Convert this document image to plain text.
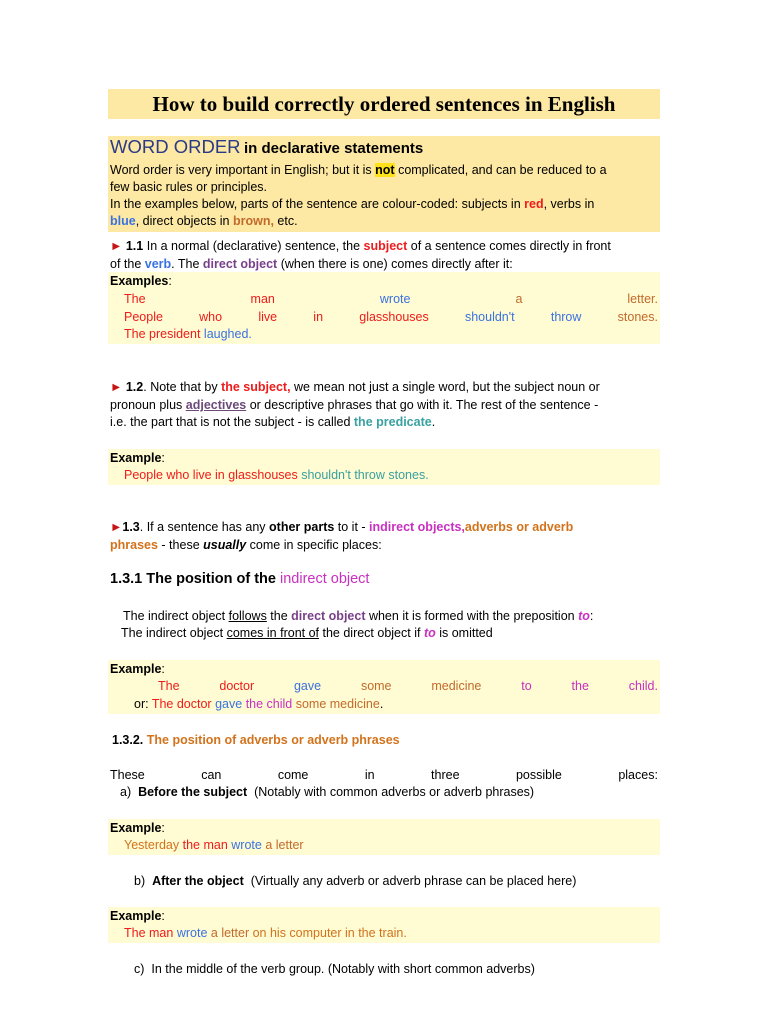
How to build correctly ordered sentences in English
WORD ORDER in declarative statements
Word order is very important in English; but it is not complicated, and can be reduced to a
few basic rules or principles.
In the examples below, parts of the sentence are colour-coded: subjects in red, verbs in
blue, direct objects in brown, etc.
► 1.1 In a normal (declarative) sentence, the subject of a sentence comes directly in front
of the verb. The direct object (when there is one) comes directly after it:
Examples:
The	man	wrote	a	letter.
People	who	live	in	glasshouses	shouldn't	throw	stones.
The president laughed.
► 1.2. Note that by the subject, we mean not just a single word, but the subject noun or
pronoun plus adjectives or descriptive phrases that go with it. The rest of the sentence -
i.e. the part that is not the subject - is called the predicate.
Example:
People who live in glasshouses shouldn't throw stones.
►1.3. If a sentence has any other parts to it - indirect objects,adverbs or adverb
phrases - these usually come in specific places:
1.3.1 The position of the indirect object
The indirect object follows the direct object when it is formed with the preposition to:
The indirect object comes in front of the direct object if to is omitted
Example:
The	doctor	gave	some	medicine	to	the	child.
or: The doctor gave the child some medicine.
1.3.2. The position of adverbs or adverb phrases
These	can	come	in	three	possible	places:
a) Before the subject (Notably with common adverbs or adverb phrases)
Example:
Yesterday the man wrote a letter
b) After the object (Virtually any adverb or adverb phrase can be placed here)
Example:
The man wrote a letter on his computer in the train.
c) In the middle of the verb group. (Notably with short common adverbs)
